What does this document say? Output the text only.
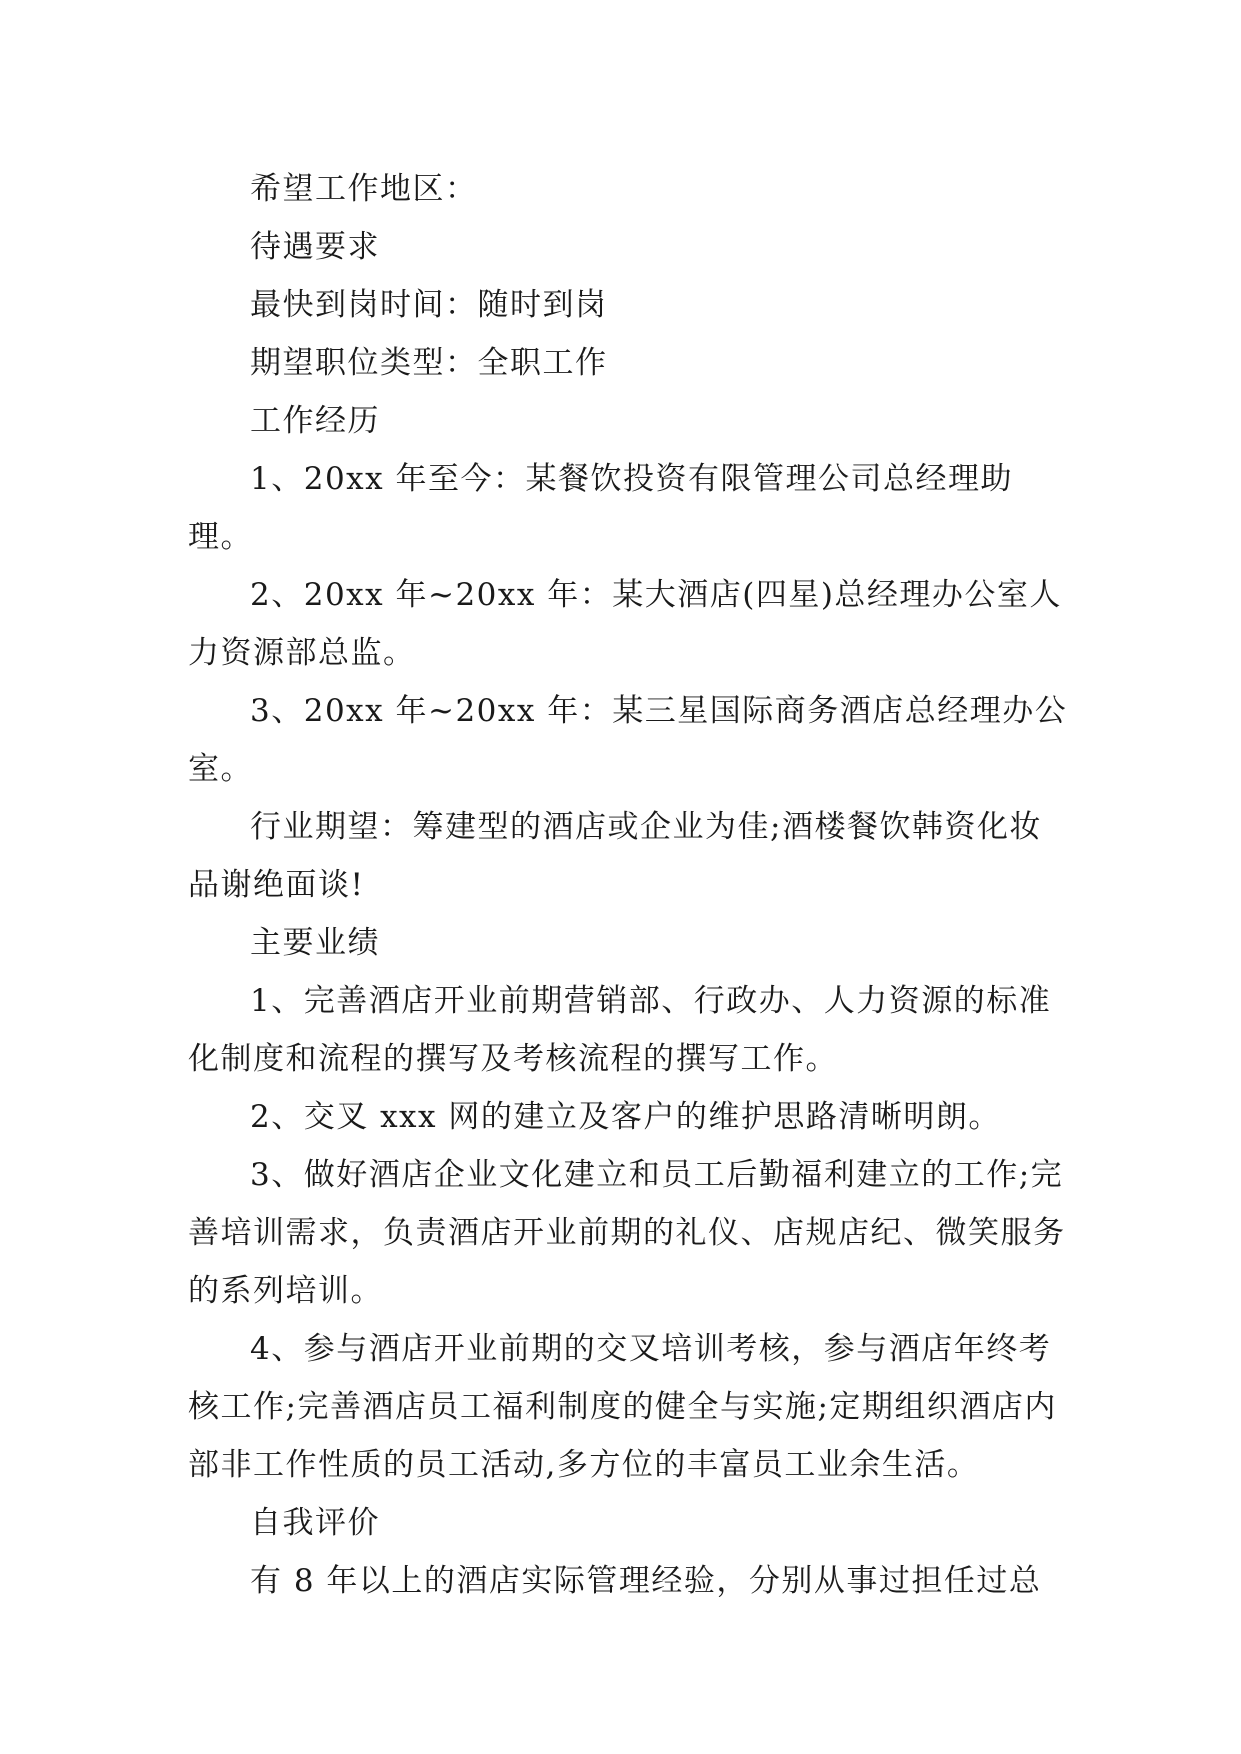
希望工作地区：

待遇要求

最快到岗时间：随时到岗

期望职位类型：全职工作

工作经历

1、20xx 年至今：某餐饮投资有限管理公司总经理助理。

2、20xx 年~20xx 年：某大酒店(四星)总经理办公室人力资源部总监。

3、20xx 年~20xx 年：某三星国际商务酒店总经理办公室。

行业期望：筹建型的酒店或企业为佳;酒楼餐饮韩资化妆品谢绝面谈!

主要业绩

1、完善酒店开业前期营销部、行政办、人力资源的标准化制度和流程的撰写及考核流程的撰写工作。

2、交叉 xxx 网的建立及客户的维护思路清晰明朗。

3、做好酒店企业文化建立和员工后勤福利建立的工作;完善培训需求，负责酒店开业前期的礼仪、店规店纪、微笑服务的系列培训。

4、参与酒店开业前期的交叉培训考核，参与酒店年终考核工作;完善酒店员工福利制度的健全与实施;定期组织酒店内部非工作性质的员工活动,多方位的丰富员工业余生活。

自我评价

有 8 年以上的酒店实际管理经验，分别从事过担任过总
